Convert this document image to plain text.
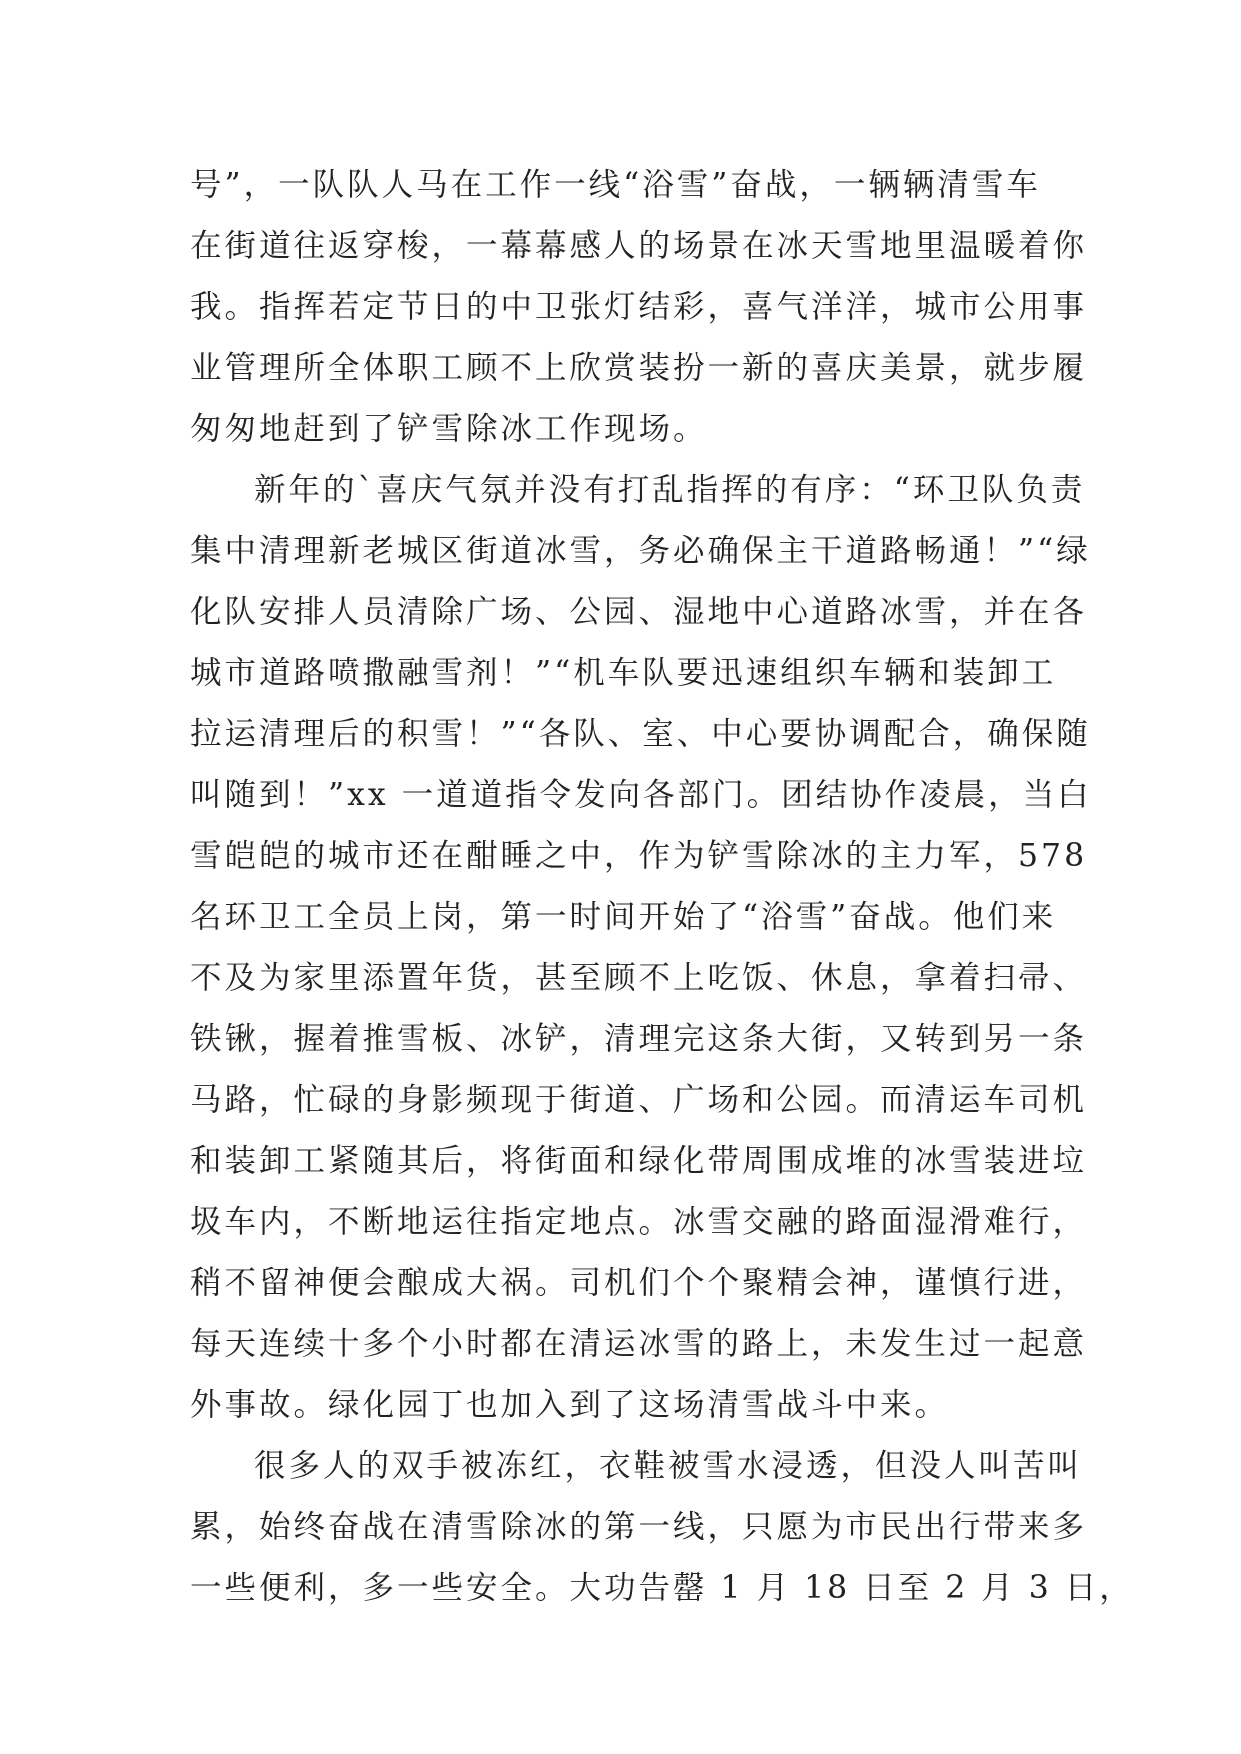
号”，一队队人马在工作一线“浴雪”奋战，一辆辆清雪车
在街道往返穿梭，一幕幕感人的场景在冰天雪地里温暖着你
我。指挥若定节日的中卫张灯结彩，喜气洋洋，城市公用事
业管理所全体职工顾不上欣赏装扮一新的喜庆美景，就步履
匆匆地赶到了铲雪除冰工作现场。
新年的`喜庆气氛并没有打乱指挥的有序：“环卫队负责
集中清理新老城区街道冰雪，务必确保主干道路畅通！”“绿
化队安排人员清除广场、公园、湿地中心道路冰雪，并在各
城市道路喷撒融雪剂！”“机车队要迅速组织车辆和装卸工
拉运清理后的积雪！”“各队、室、中心要协调配合，确保随
叫随到！”xx 一道道指令发向各部门。团结协作凌晨，当白
雪皑皑的城市还在酣睡之中，作为铲雪除冰的主力军，578
名环卫工全员上岗，第一时间开始了“浴雪”奋战。他们来
不及为家里添置年货，甚至顾不上吃饭、休息，拿着扫帚、
铁锹，握着推雪板、冰铲，清理完这条大街，又转到另一条
马路，忙碌的身影频现于街道、广场和公园。而清运车司机
和装卸工紧随其后，将街面和绿化带周围成堆的冰雪装进垃
圾车内，不断地运往指定地点。冰雪交融的路面湿滑难行，
稍不留神便会酿成大祸。司机们个个聚精会神，谨慎行进，
每天连续十多个小时都在清运冰雪的路上，未发生过一起意
外事故。绿化园丁也加入到了这场清雪战斗中来。
很多人的双手被冻红，衣鞋被雪水浸透，但没人叫苦叫
累，始终奋战在清雪除冰的第一线，只愿为市民出行带来多
一些便利，多一些安全。大功告罄 1 月 18 日至 2 月 3 日，
